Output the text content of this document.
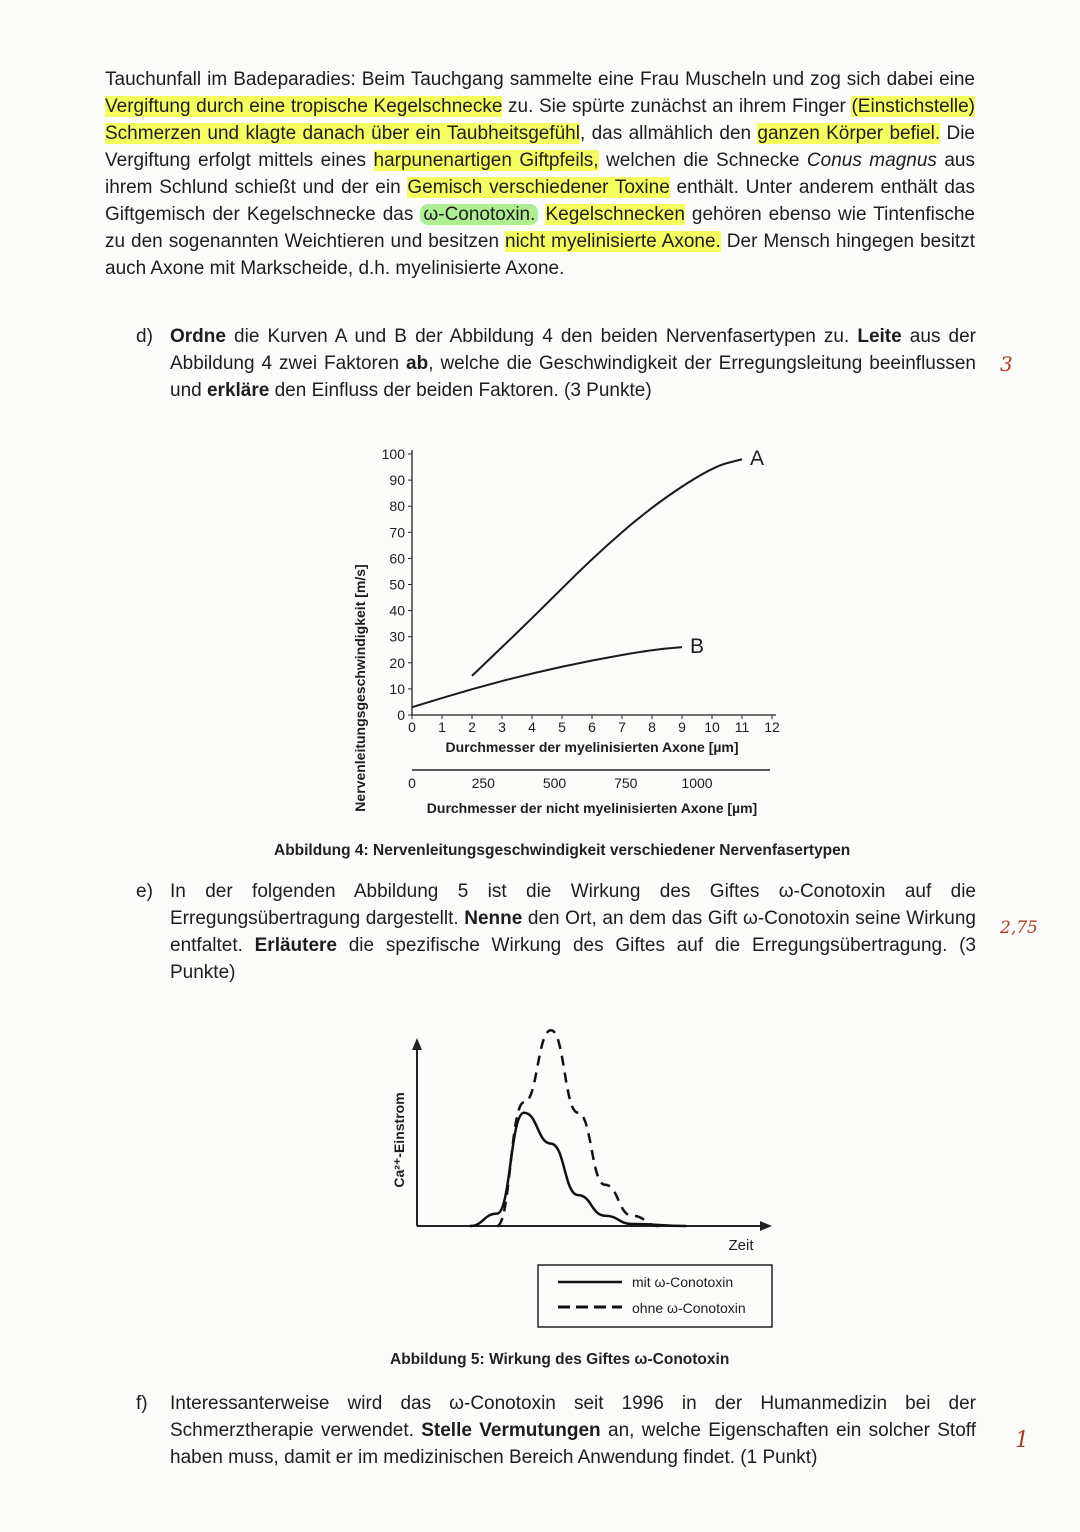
Tauchunfall im Badeparadies: Beim Tauchgang sammelte eine Frau Muscheln und zog sich dabei eine Vergiftung durch eine tropische Kegelschnecke zu. Sie spürte zunächst an ihrem Finger (Einstichstelle) Schmerzen und klagte danach über ein Taubheitsgefühl, das allmählich den ganzen Körper befiel. Die Vergiftung erfolgt mittels eines harpunenartigen Giftpfeils, welchen die Schnecke Conus magnus aus ihrem Schlund schießt und der ein Gemisch verschiedener Toxine enthält. Unter anderem enthält das Giftgemisch der Kegelschnecke das ω-Conotoxin. Kegelschnecken gehören ebenso wie Tintenfische zu den sogenannten Weichtieren und besitzen nicht myelinisierte Axone. Der Mensch hingegen besitzt auch Axone mit Markscheide, d.h. myelinisierte Axone.
d) Ordne die Kurven A und B der Abbildung 4 den beiden Nervenfasertypen zu. Leite aus der Abbildung 4 zwei Faktoren ab, welche die Geschwindigkeit der Erregungsleitung beeinflussen und erkläre den Einfluss der beiden Faktoren. (3 Punkte)
3
0
10
20
30
40
50
60
70
80
90
100
0 1 2 3 4 5 6 7 8 9 10 11 12
0	250	500	750	1000
A
B
Nervenleitungsgeschwindigkeit [m/s]	Durchmesser der myelinisierten Axone [µm]
Durchmesser der nicht myelinisierten Axone [µm]
Abbildung 4: Nervenleitungsgeschwindigkeit verschiedener Nervenfasertypen
e) In der folgenden Abbildung 5 ist die Wirkung des Giftes ω-Conotoxin auf die Erregungsübertragung dargestellt. Nenne den Ort, an dem das Gift ω-Conotoxin seine Wirkung entfaltet. Erläutere die spezifische Wirkung des Giftes auf die Erregungsübertragung. (3 Punkte)
2,75
Ca²⁺-Einstrom
Zeit
mit ω-Conotoxin
ohne ω-Conotoxin
Abbildung 5: Wirkung des Giftes ω-Conotoxin
f) Interessanterweise wird das ω-Conotoxin seit 1996 in der Humanmedizin bei der Schmerztherapie verwendet. Stelle Vermutungen an, welche Eigenschaften ein solcher Stoff haben muss, damit er im medizinischen Bereich Anwendung findet. (1 Punkt)
1
